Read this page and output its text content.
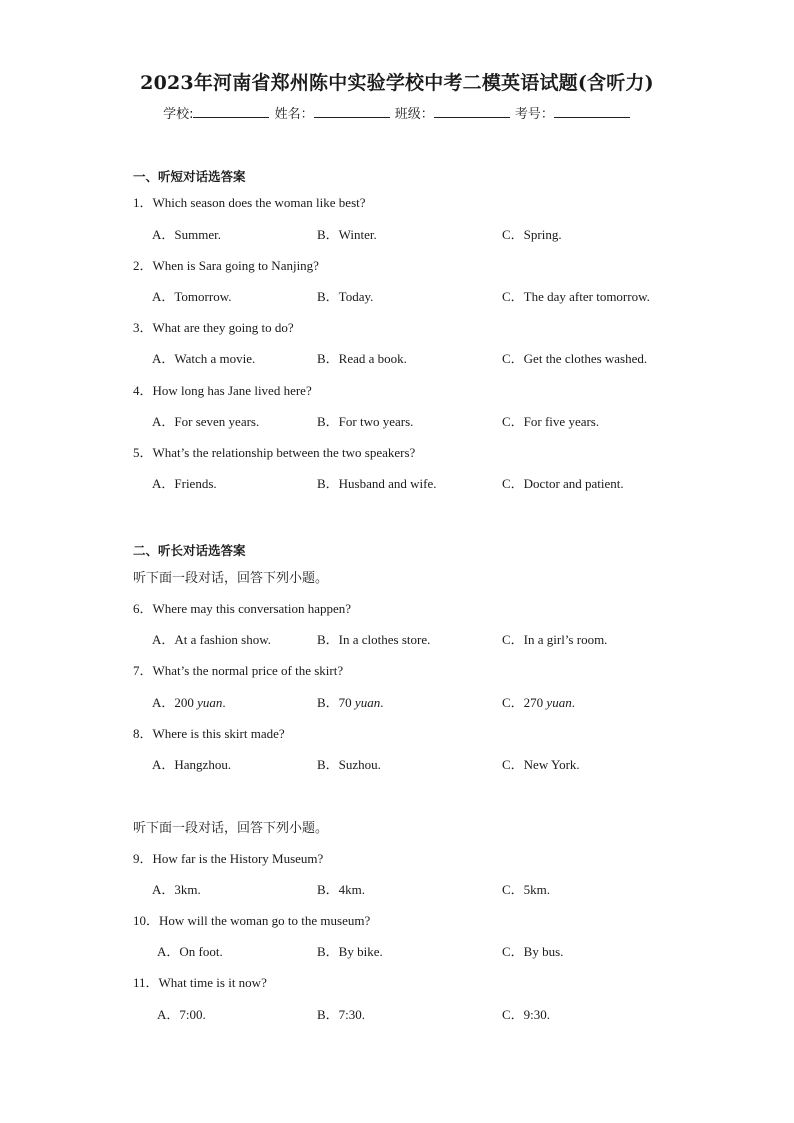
2023年河南省郑州陈中实验学校中考二模英语试题(含听力)
学校:	姓名：	班级：	考号：
一、听短对话选答案
1．Which season does the woman like best?
A．Summer.	B．Winter.	C．Spring.
2．When is Sara going to Nanjing?
A．Tomorrow.	B．Today.	C．The day after tomorrow.
3．What are they going to do?
A．Watch a movie.	B．Read a book.	C．Get the clothes washed.
4．How long has Jane lived here?
A．For seven years.	B．For two years.	C．For five years.
5．What’s the relationship between the two speakers?
A．Friends.	B．Husband and wife.	C．Doctor and patient.
二、听长对话选答案
听下面一段对话，回答下列小题。
6．Where may this conversation happen?
A．At a fashion show.	B．In a clothes store.	C．In a girl’s room.
7．What’s the normal price of the skirt?
A．200 yuan.	B．70 yuan.	C．270 yuan.
8．Where is this skirt made?
A．Hangzhou.	B．Suzhou.	C．New York.
听下面一段对话，回答下列小题。
9．How far is the History Museum?
A．3km.	B．4km.	C．5km.
10．How will the woman go to the museum?
A．On foot.	B．By bike.	C．By bus.
11．What time is it now?
A．7:00.	B．7:30.	C．9:30.
